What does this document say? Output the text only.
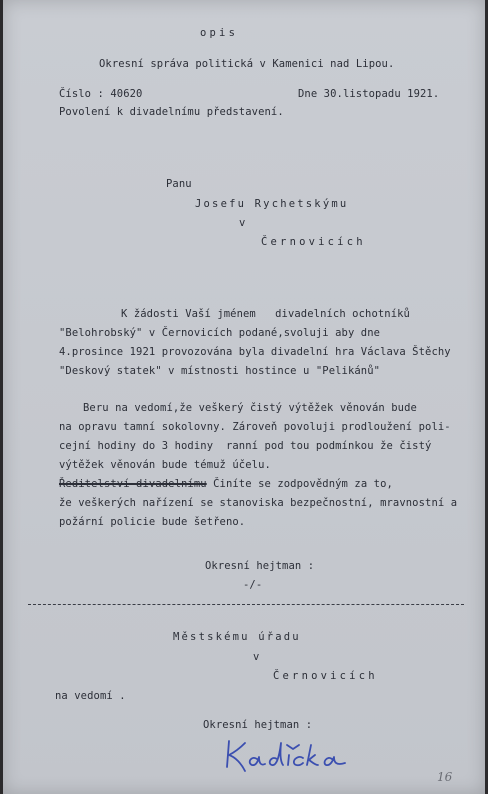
opis
Okresní správa politická v Kamenici nad Lipou.
Číslo : 40620	Dne 30.listopadu 1921.
Povolení k divadelnímu představení.
Panu
Josefu Rychetskýmu
v
Černovicích
K žádosti Vaší jménem   divadelních ochotníků
"Belohrobský" v Černovicích podané,svoluji aby dne
4.prosince 1921 provozována byla divadelní hra Václava Štěchy
"Deskový statek" v místnosti hostince u "Pelikánů"
Beru na vedomí,že veškerý čistý výtěžek věnován bude
na opravu tamní sokolovny. Zároveň povoluji prodloužení poli-
cejní hodiny do 3 hodiny  ranní pod tou podmínkou že čistý
výtěžek věnován bude témuž účelu.
Ředitelství divadelnímu Činíte se zodpovědným za to,
že veškerých nařízení se stanoviska bezpečnostní, mravnostní a
požární policie bude šetřeno.
Okresní hejtman :
-/-
Městskému úřadu
v
Černovicích
na vedomí .
Okresní hejtman :
16
